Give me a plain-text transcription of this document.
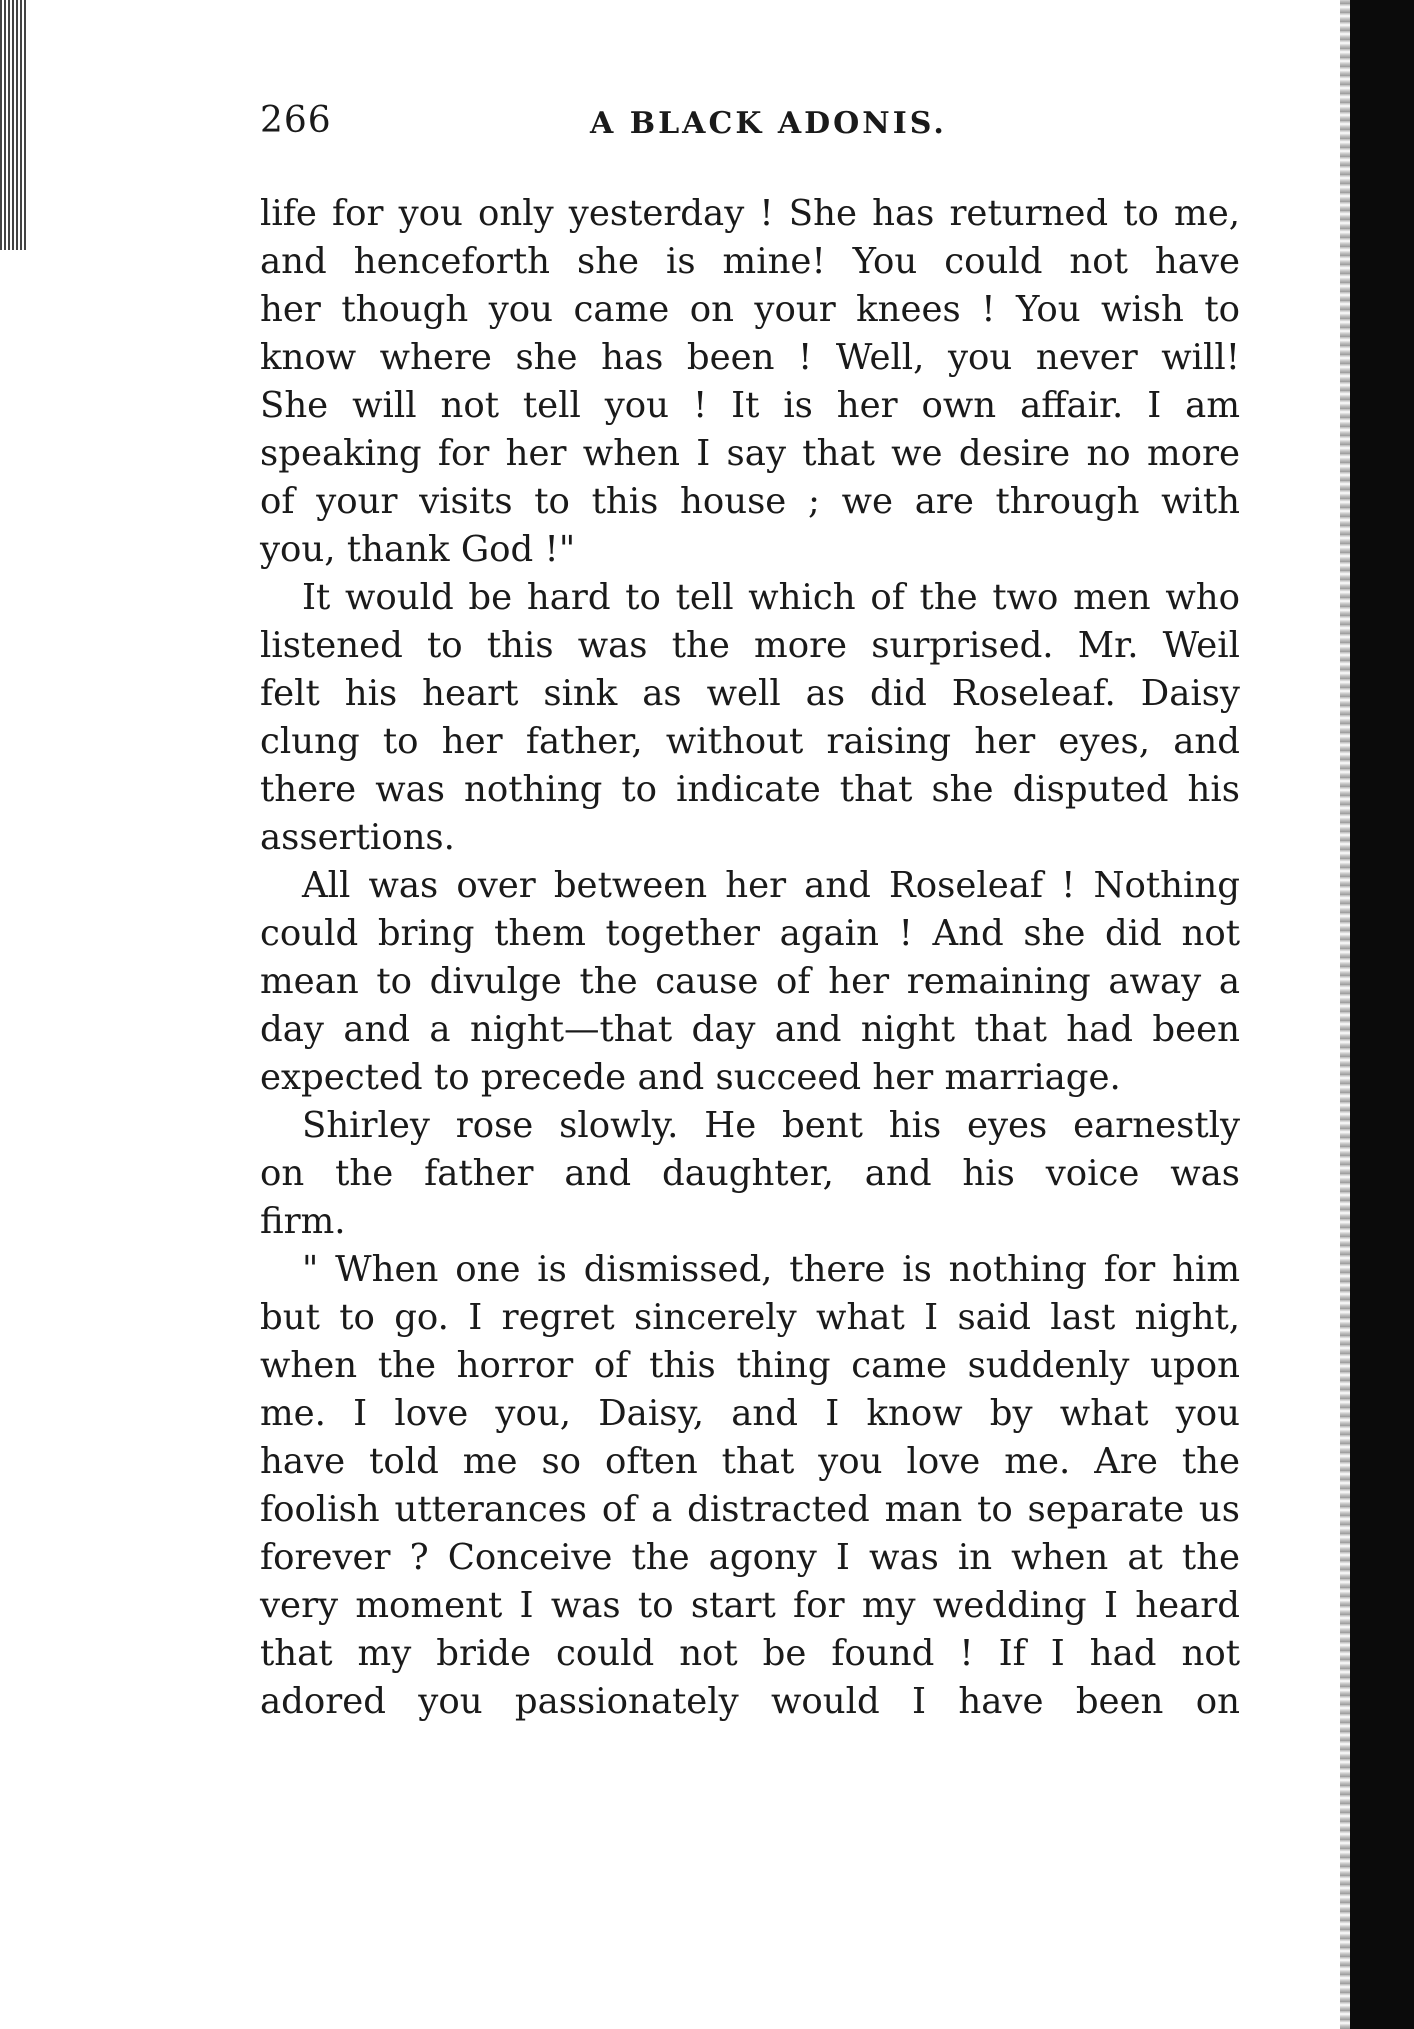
266	A BLACK ADONIS.
life for you only yesterday ! She has returned to me,
and henceforth she is mine! You could not have
her though you came on your knees ! You wish to
know where she has been ! Well, you never will!
She will not tell you ! It is her own affair. I am
speaking for her when I say that we desire no more
of your visits to this house ; we are through with
you, thank God !"
It would be hard to tell which of the two men who
listened to this was the more surprised. Mr. Weil
felt his heart sink as well as did Roseleaf. Daisy
clung to her father, without raising her eyes, and
there was nothing to indicate that she disputed his
assertions.
All was over between her and Roseleaf ! Nothing
could bring them together again ! And she did not
mean to divulge the cause of her remaining away a
day and a night—that day and night that had been
expected to precede and succeed her marriage.
Shirley rose slowly. He bent his eyes earnestly
on the father and daughter, and his voice was
firm.
" When one is dismissed, there is nothing for him
but to go. I regret sincerely what I said last night,
when the horror of this thing came suddenly upon
me. I love you, Daisy, and I know by what you
have told me so often that you love me. Are the
foolish utterances of a distracted man to separate us
forever ? Conceive the agony I was in when at the
very moment I was to start for my wedding I heard
that my bride could not be found ! If I had not
adored you passionately would I have been on
